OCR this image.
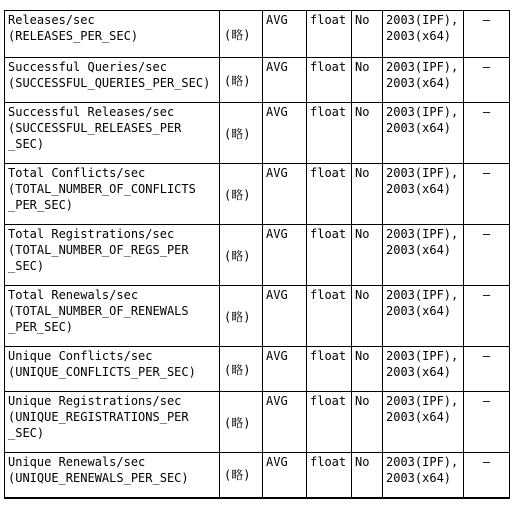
Releases/sec
(RELEASES_PER_SEC)	(略)	AVG	float	No	2003(IPF),
2003(x64)	—

Successful Queries/sec
(SUCCESSFUL_QUERIES_PER_SEC)	(略)	AVG	float	No	2003(IPF),
2003(x64)	—

Successful Releases/sec
(SUCCESSFUL_RELEASES_PER
_SEC)	(略)	AVG	float	No	2003(IPF),
2003(x64)	—

Total Conflicts/sec
(TOTAL_NUMBER_OF_CONFLICTS
_PER_SEC)	(略)	AVG	float	No	2003(IPF),
2003(x64)	—

Total Registrations/sec
(TOTAL_NUMBER_OF_REGS_PER
_SEC)	(略)	AVG	float	No	2003(IPF),
2003(x64)	—

Total Renewals/sec
(TOTAL_NUMBER_OF_RENEWALS
_PER_SEC)	(略)	AVG	float	No	2003(IPF),
2003(x64)	—

Unique Conflicts/sec
(UNIQUE_CONFLICTS_PER_SEC)	(略)	AVG	float	No	2003(IPF),
2003(x64)	—

Unique Registrations/sec
(UNIQUE_REGISTRATIONS_PER
_SEC)	(略)	AVG	float	No	2003(IPF),
2003(x64)	—

Unique Renewals/sec
(UNIQUE_RENEWALS_PER_SEC)	(略)	AVG	float	No	2003(IPF),
2003(x64)	—
